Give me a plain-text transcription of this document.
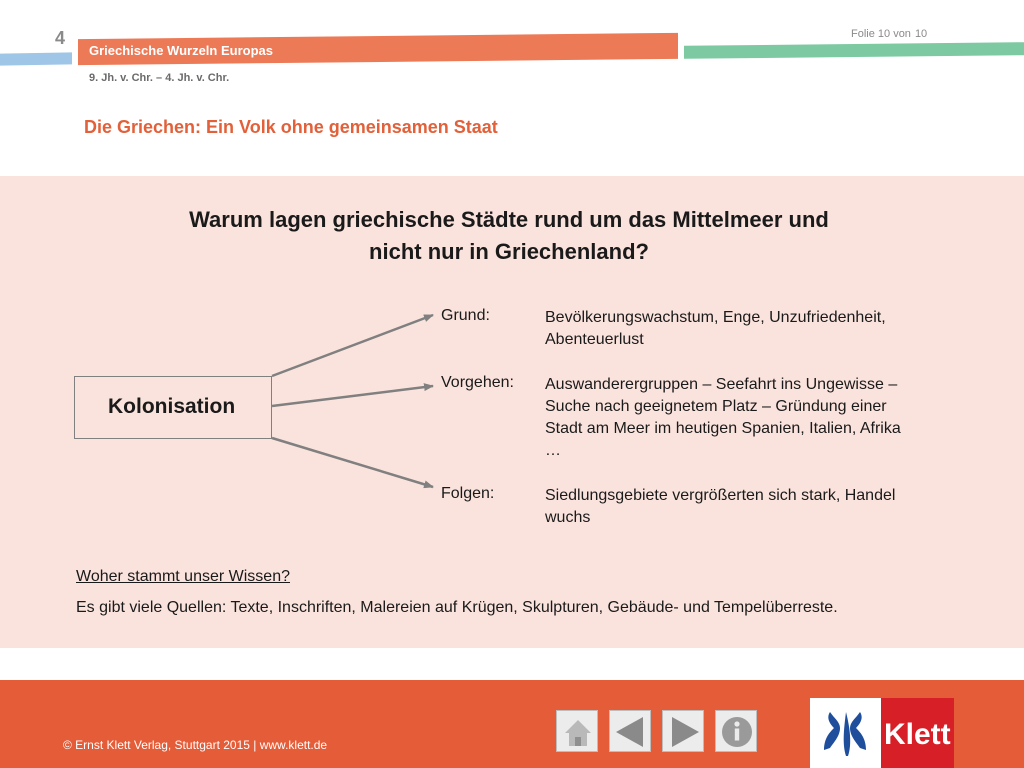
4
Griechische Wurzeln Europas
Folie 10 von 10
9. Jh. v. Chr. – 4. Jh. v. Chr.
Die Griechen: Ein Volk ohne gemeinsamen Staat
Warum lagen griechische Städte rund um das Mittelmeer und
nicht nur in Griechenland?
Kolonisation
Grund:	Bevölkerungswachstum, Enge, Unzufriedenheit,
Abenteuerlust
Vorgehen: Auswanderergruppen – Seefahrt ins Ungewisse –
Suche nach geeignetem Platz – Gründung einer
Stadt am Meer im heutigen Spanien, Italien, Afrika
…
Folgen:	Siedlungsgebiete vergrößerten sich stark, Handel
wuchs
Woher stammt unser Wissen?
Es gibt viele Quellen: Texte, Inschriften, Malereien auf Krügen, Skulpturen, Gebäude- und Tempelüberreste.
© Ernst Klett Verlag, Stuttgart 2015 | www.klett.de	Klett
